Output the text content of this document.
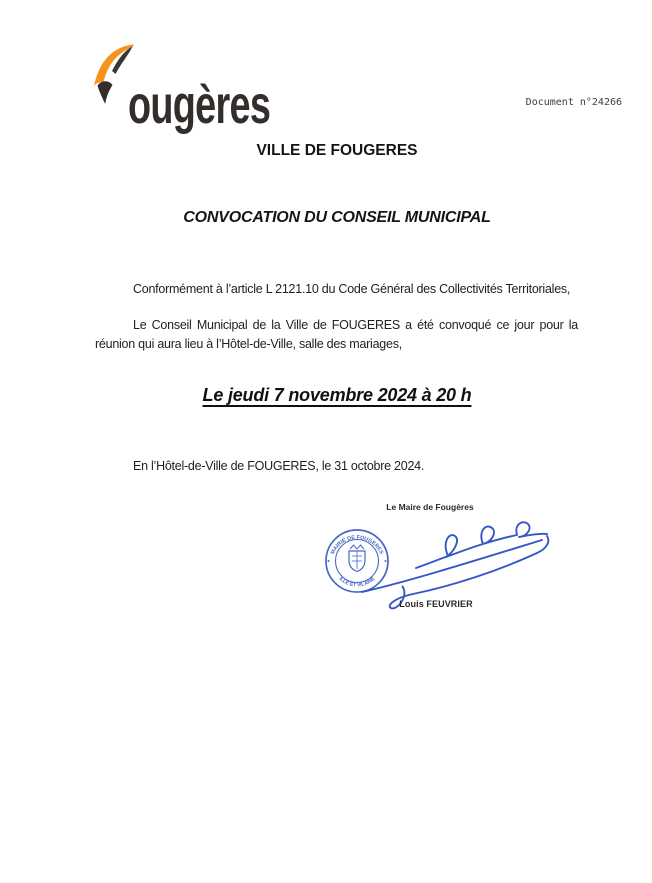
ougères	Document n°24266
VILLE DE FOUGERES
CONVOCATION DU CONSEIL MUNICIPAL
Conformément à l’article L 2121.10 du Code Général des Collectivités Territoriales,
Le Conseil Municipal de la Ville de FOUGERES a été convoqué ce jour pour la réunion qui aura lieu à l’Hôtel-de-Ville, salle des mariages,
Le jeudi 7 novembre 2024 à 20 h
En l’Hôtel-de-Ville de FOUGERES, le 31 octobre 2024.
Le Maire de Fougères
MAIRIE DE FOUGERES
ILLE ET VILAINE
Louis FEUVRIER
